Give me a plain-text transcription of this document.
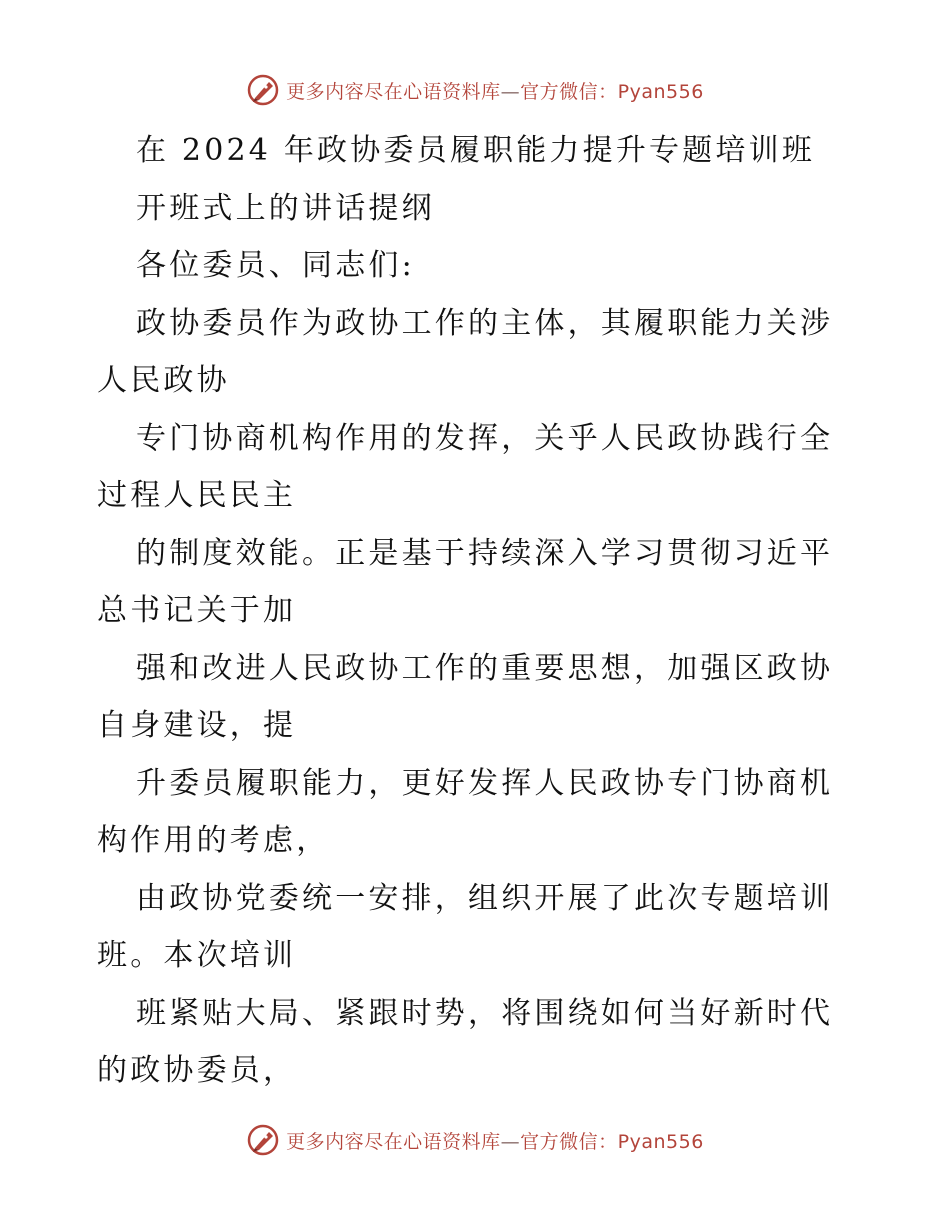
更多内容尽在心语资料库—官方微信：Pyan556
在 2024 年政协委员履职能力提升专题培训班
开班式上的讲话提纲
各位委员、同志们:
政协委员作为政协工作的主体，其履职能力关涉
人民政协
专门协商机构作用的发挥，关乎人民政协践行全
过程人民民主
的制度效能。正是基于持续深入学习贯彻习近平
总书记关于加
强和改进人民政协工作的重要思想，加强区政协
自身建设，提
升委员履职能力，更好发挥人民政协专门协商机
构作用的考虑，
由政协党委统一安排，组织开展了此次专题培训
班。本次培训
班紧贴大局、紧跟时势，将围绕如何当好新时代
的政协委员，
更多内容尽在心语资料库—官方微信：Pyan556
